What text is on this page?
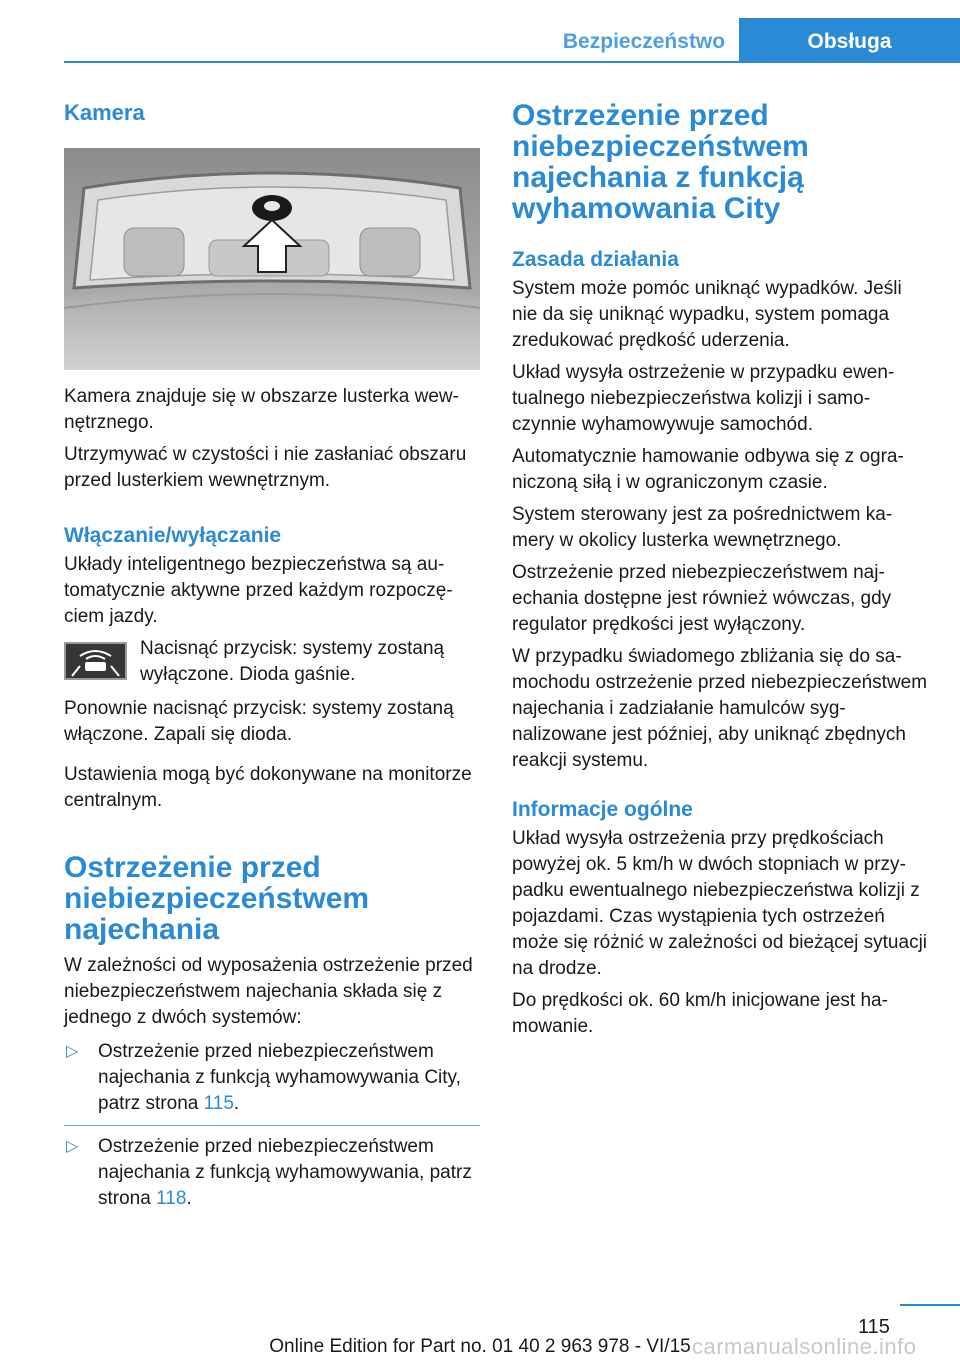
Bezpieczeństwo	Obsługa
Kamera

Kamera znajduje się w obszarze lusterka wewnętrznego.

Utrzymywać w czystości i nie zasłaniać obszaru przed lusterkiem wewnętrznym.

Włączanie/wyłączanie

Układy inteligentnego bezpieczeństwa są automatycznie aktywne przed każdym rozpoczęciem jazdy.

Nacisnąć przycisk: systemy zostaną wyłączone. Dioda gaśnie.

Ponownie nacisnąć przycisk: systemy zostaną włączone. Zapali się dioda.

Ustawienia mogą być dokonywane na monitorze centralnym.

Ostrzeżenie przed niebiezpieczeństwem najechania

W zależności od wyposażenia ostrzeżenie przed niebezpieczeństwem najechania składa się z jednego z dwóch systemów:

▷ Ostrzeżenie przed niebezpieczeństwem najechania z funkcją wyhamowywania City, patrz strona 115.
▷ Ostrzeżenie przed niebezpieczeństwem najechania z funkcją wyhamowywania, patrz strona 118.
Ostrzeżenie przed niebezpieczeństwem najechania z funkcją wyhamowania City
Zasada działania

System może pomóc uniknąć wypadków. Jeśli nie da się uniknąć wypadku, system pomaga zredukować prędkość uderzenia.

Układ wysyła ostrzeżenie w przypadku ewentualnego niebezpieczeństwa kolizji i samoczynnie wyhamowywuje samochód.

Automatycznie hamowanie odbywa się z ograniczoną siłą i w ograniczonym czasie.

System sterowany jest za pośrednictwem kamery w okolicy lusterka wewnętrznego.

Ostrzeżenie przed niebezpieczeństwem najechania dostępne jest również wówczas, gdy regulator prędkości jest wyłączony.

W przypadku świadomego zbliżania się do samochodu ostrzeżenie przed niebezpieczeństwem najechania i zadziałanie hamulców sygnalizowane jest później, aby uniknąć zbędnych reakcji systemu.

Informacje ogólne

Układ wysyła ostrzeżenia przy prędkościach powyżej ok. 5 km/h w dwóch stopniach w przypadku ewentualnego niebezpieczeństwa kolizji z pojazdami. Czas wystąpienia tych ostrzeżeń może się różnić w zależności od bieżącej sytuacji na drodze.

Do prędkości ok. 60 km/h inicjowane jest hamowanie.

115
Online Edition for Part no. 01 40 2 963 978 - VI/15 carmanualsonline.info
